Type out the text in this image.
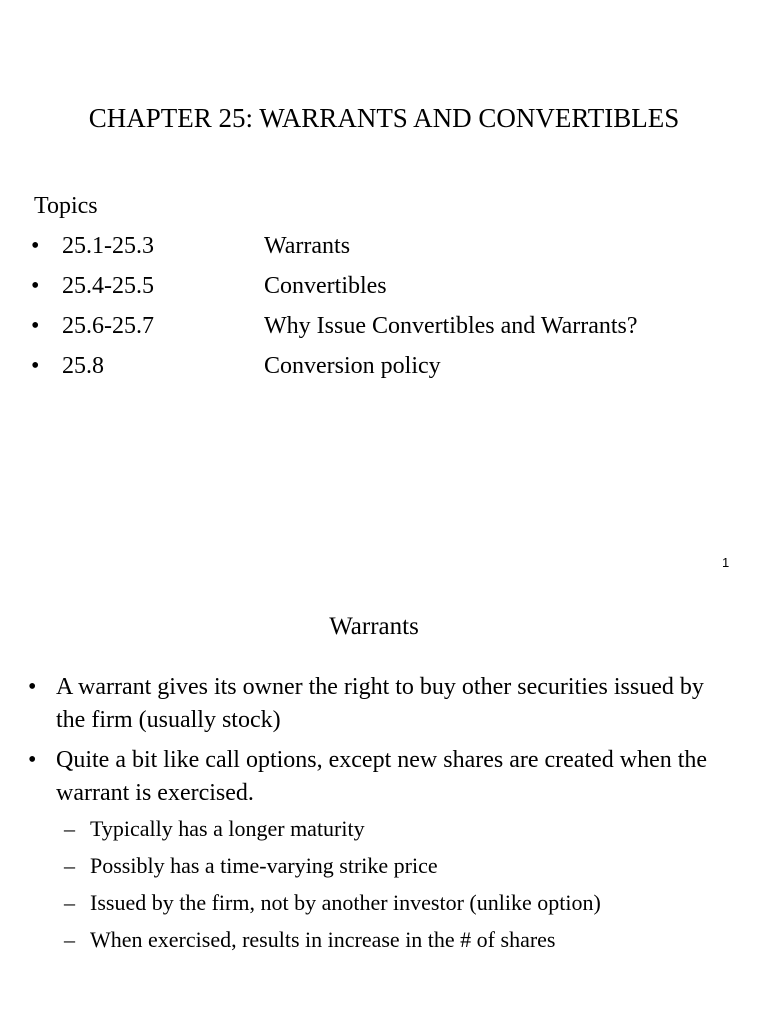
CHAPTER 25: WARRANTS AND CONVERTIBLES
Topics
• 25.1-25.3	Warrants
• 25.4-25.5	Convertibles
• 25.6-25.7	Why Issue Convertibles and Warrants?
• 25.8	Conversion policy
1
Warrants
• A warrant gives its owner the right to buy other securities issued by the firm (usually stock)
• Quite a bit like call options, except new shares are created when the warrant is exercised.
– Typically has a longer maturity
– Possibly has a time-varying strike price
– Issued by the firm, not by another investor (unlike option)
– When exercised, results in increase in the # of shares
